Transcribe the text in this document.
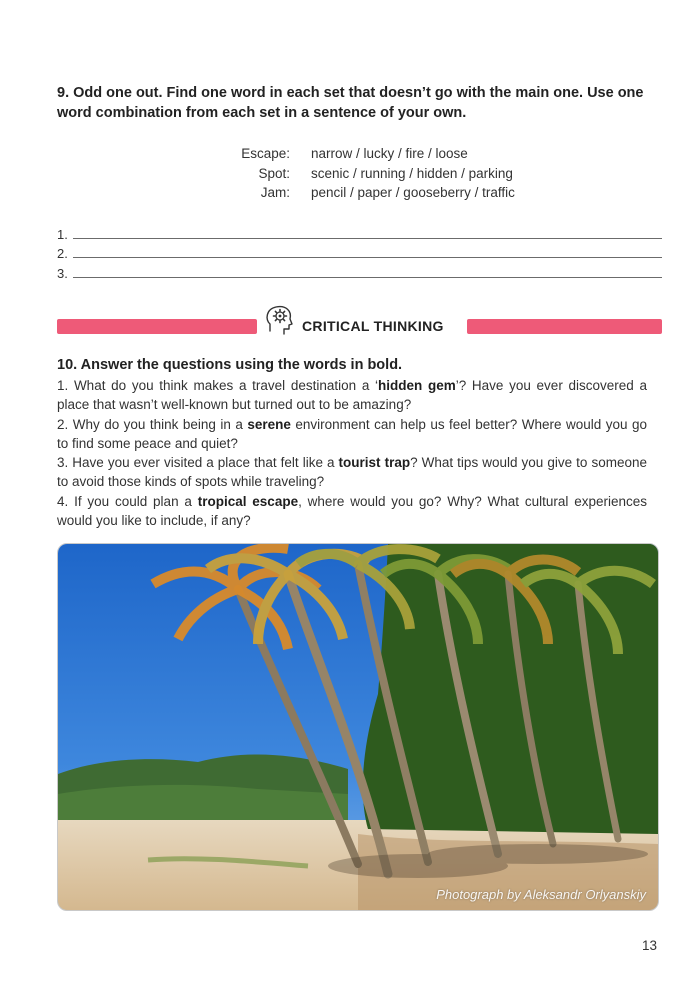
9. Odd one out. Find one word in each set that doesn’t go with the main one. Use one
word combination from each set in a sentence of your own.
Escape:	narrow / lucky / fire / loose
Spot:	scenic / running / hidden / parking
Jam:	pencil / paper / gooseberry / traffic
1.
2.
3.
CRITICAL THINKING
10. Answer the questions using the words in bold.
1. What do you think makes a travel destination a ‘hidden gem’? Have you ever discovered a place that wasn’t well-known but turned out to be amazing?
2. Why do you think being in a serene environment can help us feel better? Where would you go to find some peace and quiet?
3. Have you ever visited a place that felt like a tourist trap? What tips would you give to someone to avoid those kinds of spots while traveling?
4. If you could plan a tropical escape, where would you go? Why? What cultural experiences would you like to include, if any?
Photograph by Aleksandr Orlyanskiy
13
